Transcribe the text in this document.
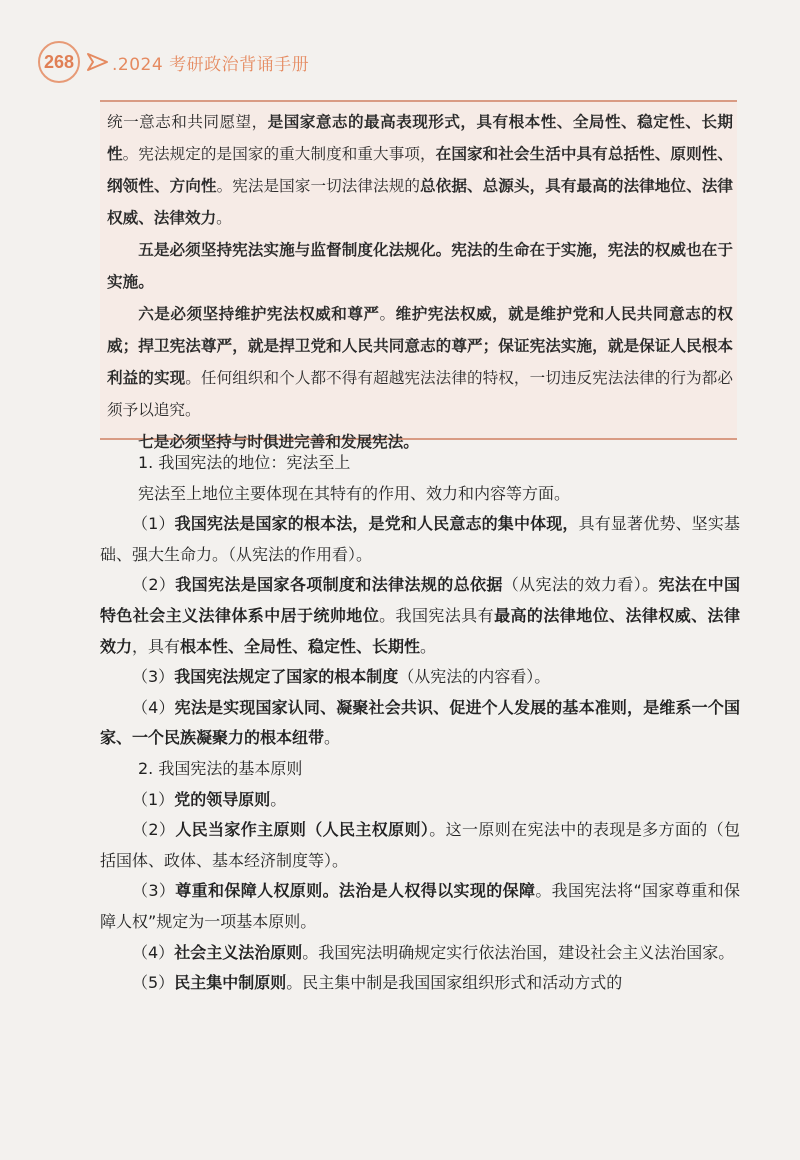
268	.2024 考研政治背诵手册

统一意志和共同愿望，是国家意志的最高表现形式，具有根本性、全局性、稳定性、长期性。宪法规定的是国家的重大制度和重大事项，在国家和社会生活中具有总括性、原则性、纲领性、方向性。宪法是国家一切法律法规的总依据、总源头，具有最高的法律地位、法律权威、法律效力。

五是必须坚持宪法实施与监督制度化法规化。宪法的生命在于实施，宪法的权威也在于实施。

六是必须坚持维护宪法权威和尊严。维护宪法权威，就是维护党和人民共同意志的权威；捍卫宪法尊严，就是捍卫党和人民共同意志的尊严；保证宪法实施，就是保证人民根本利益的实现。任何组织和个人都不得有超越宪法法律的特权，一切违反宪法法律的行为都必须予以追究。

七是必须坚持与时俱进完善和发展宪法。

1. 我国宪法的地位：宪法至上

宪法至上地位主要体现在其特有的作用、效力和内容等方面。

（1）我国宪法是国家的根本法，是党和人民意志的集中体现，具有显著优势、坚实基础、强大生命力。（从宪法的作用看）。

（2）我国宪法是国家各项制度和法律法规的总依据（从宪法的效力看）。宪法在中国特色社会主义法律体系中居于统帅地位。我国宪法具有最高的法律地位、法律权威、法律效力，具有根本性、全局性、稳定性、长期性。

（3）我国宪法规定了国家的根本制度（从宪法的内容看）。

（4）宪法是实现国家认同、凝聚社会共识、促进个人发展的基本准则，是维系一个国家、一个民族凝聚力的根本纽带。

2. 我国宪法的基本原则

（1）党的领导原则。

（2）人民当家作主原则（人民主权原则）。这一原则在宪法中的表现是多方面的（包括国体、政体、基本经济制度等）。

（3）尊重和保障人权原则。法治是人权得以实现的保障。我国宪法将“国家尊重和保障人权”规定为一项基本原则。

（4）社会主义法治原则。我国宪法明确规定实行依法治国，建设社会主义法治国家。

（5）民主集中制原则。民主集中制是我国国家组织形式和活动方式的
